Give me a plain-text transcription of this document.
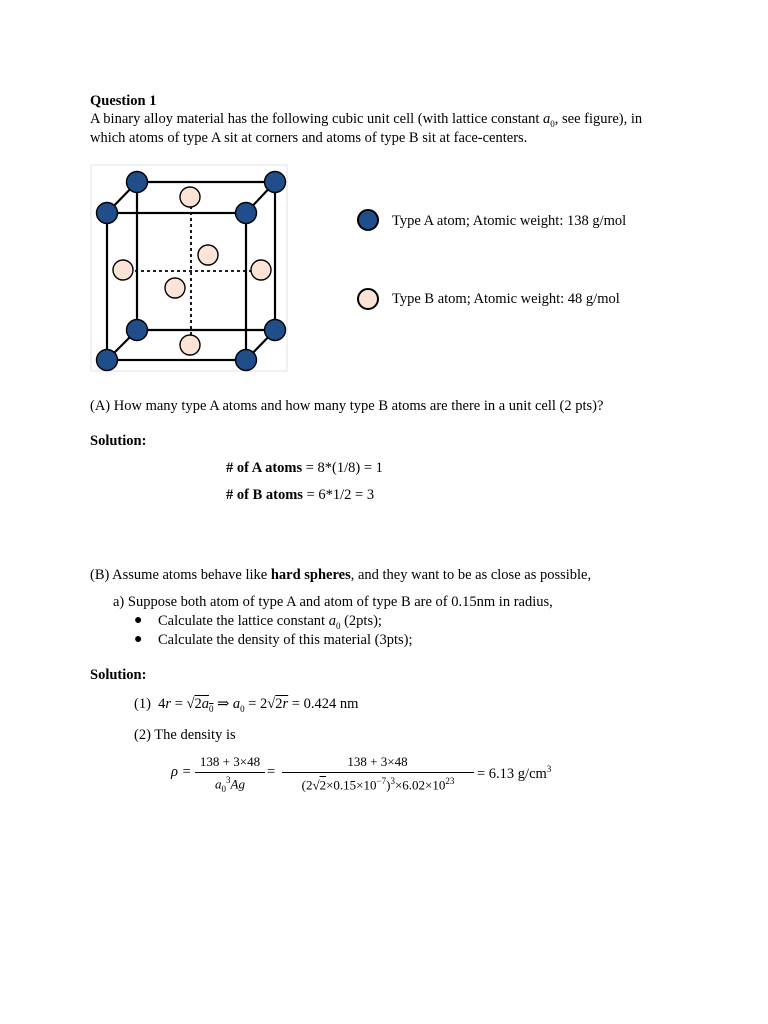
Question 1
A binary alloy material has the following cubic unit cell (with lattice constant $a_0$, see figure), in
which atoms of type A sit at corners and atoms of type B sit at face-centers.
Type A atom; Atomic weight: 138 g/mol
Type B atom; Atomic weight: 48 g/mol
(A) How many type A atoms and how many type B atoms are there in a unit cell (2 pts)?
Solution:
# of A atoms = 8*(1/8) = 1
# of B atoms = 6*1/2 = 3
(B) Assume atoms behave like hard spheres, and they want to be as close as possible,
a) Suppose both atom of type A and atom of type B are of 0.15nm in radius,
● Calculate the lattice constant $a_0$ (2pts);
● Calculate the density of this material (3pts);
Solution:
(1)  $4r = √2a_0$ ⇒ $a_0 = 2√2r = 0.424$ nm
(2) The density is
ρ =
138 + 3×48
$a_0^3Ag$
=
138 + 3×48
$(2√2\times 0.15\times 10^{-7})^3\times 6.02\times 10^{23}$	= 6.13 $g/cm^3$
